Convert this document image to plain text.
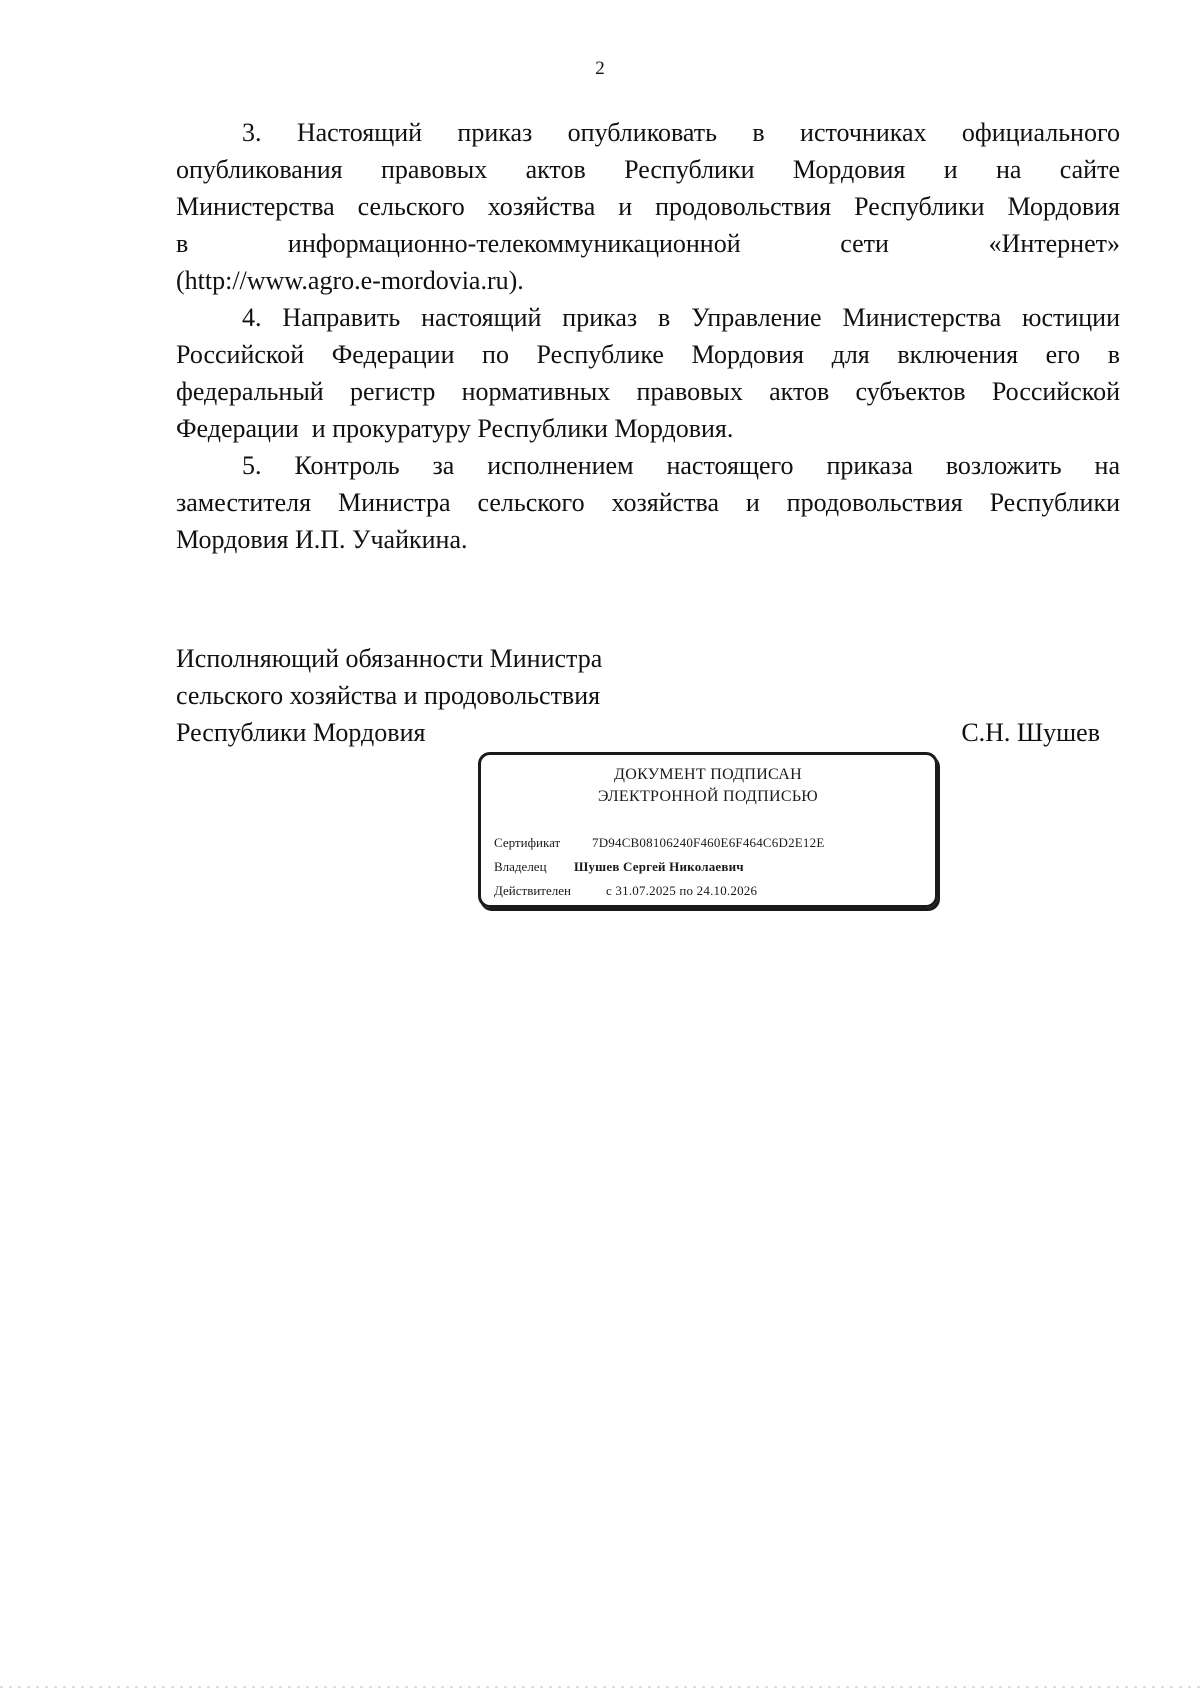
2

3. Настоящий приказ опубликовать в источниках официального
опубликования правовых актов Республики Мордовия и на сайте
Министерства сельского хозяйства и продовольствия Республики Мордовия
в информационно-телекоммуникационной сети «Интернет»
(http://www.agro.e-mordovia.ru).

4. Направить настоящий приказ в Управление Министерства юстиции
Российской Федерации по Республике Мордовия для включения его в
федеральный регистр нормативных правовых актов субъектов Российской
Федерации  и прокуратуру Республики Мордовия.

5. Контроль за исполнением настоящего приказа возложить на
заместителя Министра сельского хозяйства и продовольствия Республики
Мордовия И.П. Учайкина.

Исполняющий обязанности Министра
сельского хозяйства и продовольствия
Республики Мордовия	С.Н. Шушев
ДОКУМЕНТ ПОДПИСАН
ЭЛЕКТРОННОЙ ПОДПИСЬЮ
Сертификат 7D94CB08106240F460E6F464C6D2E12E
Владелец Шушев Сергей Николаевич
Действителен	с 31.07.2025 по 24.10.2026
